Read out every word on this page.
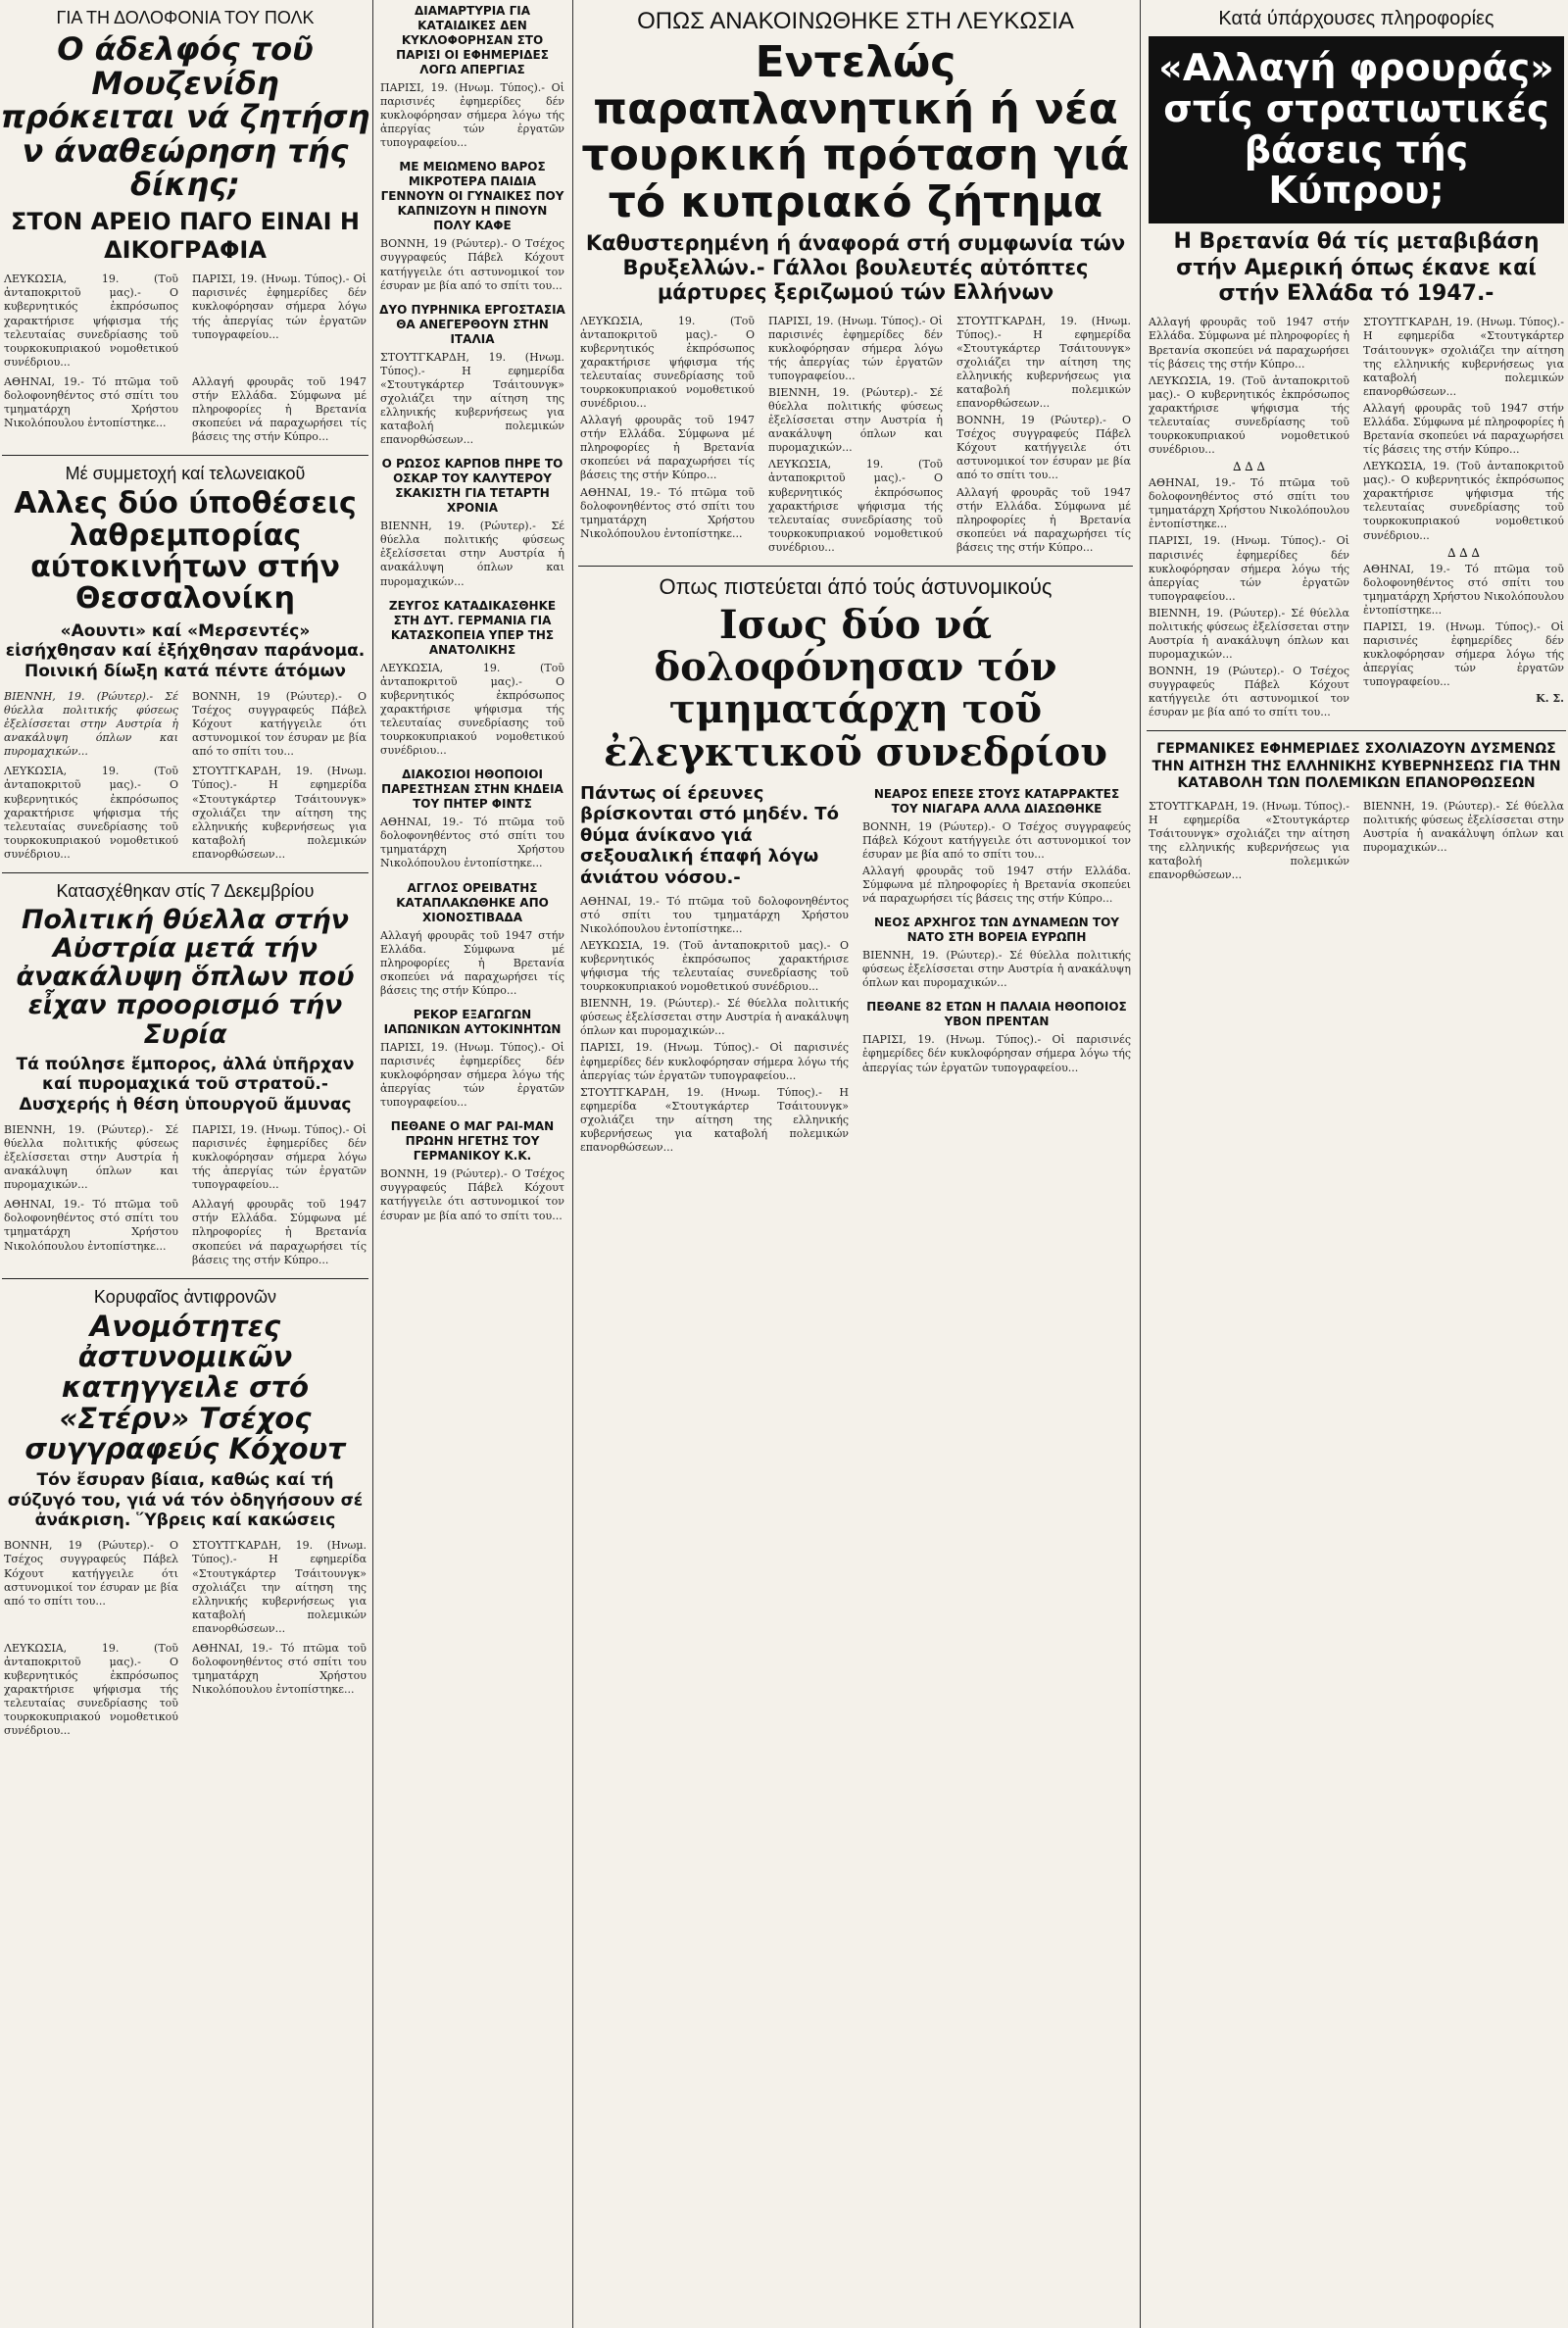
ΓΙΑ ΤΗ ΔΟΛΟΦΟΝΙΑ ΤΟΥ ΠΟΛΚ
Ο άδελφός τοῦ Μουζενίδη πρόκειται νά ζητήση ν άναθεώρηση τής δίκης;
ΣΤΟΝ ΑΡΕΙΟ ΠΑΓΟ ΕΙΝΑΙ Η ΔΙΚΟΓΡΑΦΙΑ
ΛΕΥΚΩΣΙΑ, 19. (Τοῦ ἀνταποκριτοῦ μας).- Ο κυβερνητικός ἐκπρόσωπος χαρακτήρισε ψήφισμα τής τελευταίας συνεδρίασης τοῦ τουρκοκυπριακού νομοθετικού συνέδριου...
ΠΑΡΙΣΙ, 19. (Ηνωμ. Τύπος).- Οἱ παρισινές ἐφημερίδες δέν κυκλοφόρησαν σήμερα λόγω τής ἀπεργίας τών ἐργατῶν τυπογραφείου...
ΑΘΗΝΑΙ, 19.- Τό πτῶμα τοῦ δολοφονηθέντος στό σπίτι του τμηματάρχη Χρήστου Νικολόπουλου ἐντοπίστηκε...
Αλλαγή φρουρᾶς τοῦ 1947 στήν Ελλάδα. Σύμφωνα μέ πληροφορίες ἡ Βρετανία σκοπεύει νά παραχωρήσει τίς βάσεις της στήν Κύπρο...
Μέ συμμετοχή καί τελωνειακοῦ
Αλλες δύο ύποθέσεις λαθρεμπορίας αύτοκινήτων στήν Θεσσαλονίκη
«Αουντι» καί «Μερσεντές» εἰσήχθησαν καί ἐξήχθησαν παράνομα. Ποινική δίωξη κατά πέντε άτόμων
ΒΙΕΝΝΗ, 19. (Ρώυτερ).- Σέ θύελλα πολιτικής φύσεως ἐξελίσσεται στην Αυστρία ἡ ανακάλυψη όπλων και πυρομαχικών...
ΒΟΝΝΗ, 19 (Ρώυτερ).- Ο Τσέχος συγγραφεύς Πάβελ Κόχουτ κατήγγειλε ότι αστυνομικοί τον έσυραν με βία από το σπίτι του...
ΛΕΥΚΩΣΙΑ, 19. (Τοῦ ἀνταποκριτοῦ μας).- Ο κυβερνητικός ἐκπρόσωπος χαρακτήρισε ψήφισμα τής τελευταίας συνεδρίασης τοῦ τουρκοκυπριακού νομοθετικού συνέδριου...
ΣΤΟΥΤΓΚΑΡΔΗ, 19. (Ηνωμ. Τύπος).- Η εφημερίδα «Στουτγκάρτερ Τσάιτουνγκ» σχολιάζει την αίτηση της ελληνικής κυβερνήσεως για καταβολή πολεμικών επανορθώσεων...
Κατασχέθηκαν στίς 7 Δεκεμβρίου
Πολιτική θύελλα στήν Αὐστρία μετά τήν ἀνακάλυψη ὅπλων πού εἶχαν προορισμό τήν Συρία
Τά πούλησε ἔμπορος, ἀλλά ὑπῆρχαν καί πυρομαχικά τοῦ στρατοῦ.- Δυσχερής ἡ θέση ὑπουργοῦ ἄμυνας
ΒΙΕΝΝΗ, 19. (Ρώυτερ).- Σέ θύελλα πολιτικής φύσεως ἐξελίσσεται στην Αυστρία ἡ ανακάλυψη όπλων και πυρομαχικών...
ΠΑΡΙΣΙ, 19. (Ηνωμ. Τύπος).- Οἱ παρισινές ἐφημερίδες δέν κυκλοφόρησαν σήμερα λόγω τής ἀπεργίας τών ἐργατῶν τυπογραφείου...
ΑΘΗΝΑΙ, 19.- Τό πτῶμα τοῦ δολοφονηθέντος στό σπίτι του τμηματάρχη Χρήστου Νικολόπουλου ἐντοπίστηκε...
Αλλαγή φρουρᾶς τοῦ 1947 στήν Ελλάδα. Σύμφωνα μέ πληροφορίες ἡ Βρετανία σκοπεύει νά παραχωρήσει τίς βάσεις της στήν Κύπρο...
Κορυφαῖος ἀντιφρονῶν
Ανομότητες ἀστυνομικῶν κατηγγειλε στό «Στέρν» Τσέχος συγγραφεύς Κόχουτ
Τόν ἔσυραν βίαια, καθώς καί τή σύζυγό του, γιά νά τόν ὁδηγήσουν σέ ἀνάκριση. Ὕβρεις καί κακώσεις
ΒΟΝΝΗ, 19 (Ρώυτερ).- Ο Τσέχος συγγραφεύς Πάβελ Κόχουτ κατήγγειλε ότι αστυνομικοί τον έσυραν με βία από το σπίτι του...
ΣΤΟΥΤΓΚΑΡΔΗ, 19. (Ηνωμ. Τύπος).- Η εφημερίδα «Στουτγκάρτερ Τσάιτουνγκ» σχολιάζει την αίτηση της ελληνικής κυβερνήσεως για καταβολή πολεμικών επανορθώσεων...
ΛΕΥΚΩΣΙΑ, 19. (Τοῦ ἀνταποκριτοῦ μας).- Ο κυβερνητικός ἐκπρόσωπος χαρακτήρισε ψήφισμα τής τελευταίας συνεδρίασης τοῦ τουρκοκυπριακού νομοθετικού συνέδριου...
ΑΘΗΝΑΙ, 19.- Τό πτῶμα τοῦ δολοφονηθέντος στό σπίτι του τμηματάρχη Χρήστου Νικολόπουλου ἐντοπίστηκε...
ΔΙΑΜΑΡΤΥΡΙΑ ΓΙΑ ΚΑΤΑΙΔΙΚΕΣ ΔΕΝ ΚΥΚΛΟΦΟΡΗΣΑΝ ΣΤΟ ΠΑΡΙΣΙ ΟΙ ΕΦΗΜΕΡΙΔΕΣ ΛΟΓΩ ΑΠΕΡΓΙΑΣ
ΠΑΡΙΣΙ, 19. (Ηνωμ. Τύπος).- Οἱ παρισινές ἐφημερίδες δέν κυκλοφόρησαν σήμερα λόγω τής ἀπεργίας τών ἐργατῶν τυπογραφείου...
ΜΕ ΜΕΙΩΜΕΝΟ ΒΑΡΟΣ ΜΙΚΡΟΤΕΡΑ ΠΑΙΔΙΑ ΓΕΝΝΟΥΝ ΟΙ ΓΥΝΑΙΚΕΣ ΠΟΥ ΚΑΠΝΙΖΟΥΝ Η ΠΙΝΟΥΝ ΠΟΛΥ ΚΑΦΕ
ΒΟΝΝΗ, 19 (Ρώυτερ).- Ο Τσέχος συγγραφεύς Πάβελ Κόχουτ κατήγγειλε ότι αστυνομικοί τον έσυραν με βία από το σπίτι του...
ΔΥΟ ΠΥΡΗΝΙΚΑ ΕΡΓΟΣΤΑΣΙΑ ΘΑ ΑΝΕΓΕΡΘΟΥΝ ΣΤΗΝ ΙΤΑΛΙΑ
ΣΤΟΥΤΓΚΑΡΔΗ, 19. (Ηνωμ. Τύπος).- Η εφημερίδα «Στουτγκάρτερ Τσάιτουνγκ» σχολιάζει την αίτηση της ελληνικής κυβερνήσεως για καταβολή πολεμικών επανορθώσεων...
Ο ΡΩΣΟΣ ΚΑΡΠΟΒ ΠΗΡΕ ΤΟ ΟΣΚΑΡ ΤΟΥ ΚΑΛΥΤΕΡΟΥ ΣΚΑΚΙΣΤΗ ΓΙΑ ΤΕΤΑΡΤΗ ΧΡΟΝΙΑ
ΒΙΕΝΝΗ, 19. (Ρώυτερ).- Σέ θύελλα πολιτικής φύσεως ἐξελίσσεται στην Αυστρία ἡ ανακάλυψη όπλων και πυρομαχικών...
ΖΕΥΓΟΣ ΚΑΤΑΔΙΚΑΣΘΗΚΕ ΣΤΗ ΔΥΤ. ΓΕΡΜΑΝΙΑ ΓΙΑ ΚΑΤΑΣΚΟΠΕΙΑ ΥΠΕΡ ΤΗΣ ΑΝΑΤΟΛΙΚΗΣ
ΛΕΥΚΩΣΙΑ, 19. (Τοῦ ἀνταποκριτοῦ μας).- Ο κυβερνητικός ἐκπρόσωπος χαρακτήρισε ψήφισμα τής τελευταίας συνεδρίασης τοῦ τουρκοκυπριακού νομοθετικού συνέδριου...
ΔΙΑΚΟΣΙΟΙ ΗΘΟΠΟΙΟΙ ΠΑΡΕΣΤΗΣΑΝ ΣΤΗΝ ΚΗΔΕΙΑ ΤΟΥ ΠΗΤΕΡ ΦΙΝΤΣ
ΑΘΗΝΑΙ, 19.- Τό πτῶμα τοῦ δολοφονηθέντος στό σπίτι του τμηματάρχη Χρήστου Νικολόπουλου ἐντοπίστηκε...
ΑΓΓΛΟΣ ΟΡΕΙΒΑΤΗΣ ΚΑΤΑΠΛΑΚΩΘΗΚΕ ΑΠΟ ΧΙΟΝΟΣΤΙΒΑΔΑ
Αλλαγή φρουρᾶς τοῦ 1947 στήν Ελλάδα. Σύμφωνα μέ πληροφορίες ἡ Βρετανία σκοπεύει νά παραχωρήσει τίς βάσεις της στήν Κύπρο...
ΡΕΚΟΡ ΕΞΑΓΩΓΩΝ ΙΑΠΩΝΙΚΩΝ ΑΥΤΟΚΙΝΗΤΩΝ
ΠΑΡΙΣΙ, 19. (Ηνωμ. Τύπος).- Οἱ παρισινές ἐφημερίδες δέν κυκλοφόρησαν σήμερα λόγω τής ἀπεργίας τών ἐργατῶν τυπογραφείου...
ΠΕΘΑΝΕ Ο ΜΑΓ ΡΑΙ-ΜΑΝ ΠΡΩΗΝ ΗΓΕΤΗΣ ΤΟΥ ΓΕΡΜΑΝΙΚΟΥ Κ.Κ.
ΒΟΝΝΗ, 19 (Ρώυτερ).- Ο Τσέχος συγγραφεύς Πάβελ Κόχουτ κατήγγειλε ότι αστυνομικοί τον έσυραν με βία από το σπίτι του...
ΟΠΩΣ ΑΝΑΚΟΙΝΩΘΗΚΕ ΣΤΗ ΛΕΥΚΩΣΙΑ
Εντελώς παραπλανητική ή νέα τουρκική πρόταση γιά τό κυπριακό ζήτημα
Καθυστερημένη ή άναφορά στή συμφωνία τών Βρυξελλών.- Γάλλοι βουλευτές αὐτόπτες μάρτυρες ξεριζωμού τών Ελλήνων
ΛΕΥΚΩΣΙΑ, 19. (Τοῦ ἀνταποκριτοῦ μας).- Ο κυβερνητικός ἐκπρόσωπος χαρακτήρισε ψήφισμα τής τελευταίας συνεδρίασης τοῦ τουρκοκυπριακού νομοθετικού συνέδριου...
Αλλαγή φρουρᾶς τοῦ 1947 στήν Ελλάδα. Σύμφωνα μέ πληροφορίες ἡ Βρετανία σκοπεύει νά παραχωρήσει τίς βάσεις της στήν Κύπρο...
ΑΘΗΝΑΙ, 19.- Τό πτῶμα τοῦ δολοφονηθέντος στό σπίτι του τμηματάρχη Χρήστου Νικολόπουλου ἐντοπίστηκε...
ΠΑΡΙΣΙ, 19. (Ηνωμ. Τύπος).- Οἱ παρισινές ἐφημερίδες δέν κυκλοφόρησαν σήμερα λόγω τής ἀπεργίας τών ἐργατῶν τυπογραφείου...
ΒΙΕΝΝΗ, 19. (Ρώυτερ).- Σέ θύελλα πολιτικής φύσεως ἐξελίσσεται στην Αυστρία ἡ ανακάλυψη όπλων και πυρομαχικών...
ΛΕΥΚΩΣΙΑ, 19. (Τοῦ ἀνταποκριτοῦ μας).- Ο κυβερνητικός ἐκπρόσωπος χαρακτήρισε ψήφισμα τής τελευταίας συνεδρίασης τοῦ τουρκοκυπριακού νομοθετικού συνέδριου...
ΣΤΟΥΤΓΚΑΡΔΗ, 19. (Ηνωμ. Τύπος).- Η εφημερίδα «Στουτγκάρτερ Τσάιτουνγκ» σχολιάζει την αίτηση της ελληνικής κυβερνήσεως για καταβολή πολεμικών επανορθώσεων...
ΒΟΝΝΗ, 19 (Ρώυτερ).- Ο Τσέχος συγγραφεύς Πάβελ Κόχουτ κατήγγειλε ότι αστυνομικοί τον έσυραν με βία από το σπίτι του...
Αλλαγή φρουρᾶς τοῦ 1947 στήν Ελλάδα. Σύμφωνα μέ πληροφορίες ἡ Βρετανία σκοπεύει νά παραχωρήσει τίς βάσεις της στήν Κύπρο...
Οπως πιστεύεται άπό τούς άστυνομικούς
Ισως δύο νά δολοφόνησαν τόν τμηματάρχη τοῦ ἐλεγκτικοῦ συνεδρίου
Πάντως οί έρευνες βρίσκονται στό μηδέν. Τό θύμα άνίκανο γιά σεξουαλική έπαφή λόγω άνιάτου νόσου.-
ΑΘΗΝΑΙ, 19.- Τό πτῶμα τοῦ δολοφονηθέντος στό σπίτι του τμηματάρχη Χρήστου Νικολόπουλου ἐντοπίστηκε...
ΛΕΥΚΩΣΙΑ, 19. (Τοῦ ἀνταποκριτοῦ μας).- Ο κυβερνητικός ἐκπρόσωπος χαρακτήρισε ψήφισμα τής τελευταίας συνεδρίασης τοῦ τουρκοκυπριακού νομοθετικού συνέδριου...
ΒΙΕΝΝΗ, 19. (Ρώυτερ).- Σέ θύελλα πολιτικής φύσεως ἐξελίσσεται στην Αυστρία ἡ ανακάλυψη όπλων και πυρομαχικών...
ΠΑΡΙΣΙ, 19. (Ηνωμ. Τύπος).- Οἱ παρισινές ἐφημερίδες δέν κυκλοφόρησαν σήμερα λόγω τής ἀπεργίας τών ἐργατῶν τυπογραφείου...
ΣΤΟΥΤΓΚΑΡΔΗ, 19. (Ηνωμ. Τύπος).- Η εφημερίδα «Στουτγκάρτερ Τσάιτουνγκ» σχολιάζει την αίτηση της ελληνικής κυβερνήσεως για καταβολή πολεμικών επανορθώσεων...
ΝΕΑΡΟΣ ΕΠΕΣΕ ΣΤΟΥΣ ΚΑΤΑΡΡΑΚΤΕΣ ΤΟΥ ΝΙΑΓΑΡΑ ΑΛΛΑ ΔΙΑΣΩΘΗΚΕ
ΒΟΝΝΗ, 19 (Ρώυτερ).- Ο Τσέχος συγγραφεύς Πάβελ Κόχουτ κατήγγειλε ότι αστυνομικοί τον έσυραν με βία από το σπίτι του...
Αλλαγή φρουρᾶς τοῦ 1947 στήν Ελλάδα. Σύμφωνα μέ πληροφορίες ἡ Βρετανία σκοπεύει νά παραχωρήσει τίς βάσεις της στήν Κύπρο...
ΝΕΟΣ ΑΡΧΗΓΟΣ ΤΩΝ ΔΥΝΑΜΕΩΝ ΤΟΥ ΝΑΤΟ ΣΤΗ ΒΟΡΕΙΑ ΕΥΡΩΠΗ
ΒΙΕΝΝΗ, 19. (Ρώυτερ).- Σέ θύελλα πολιτικής φύσεως ἐξελίσσεται στην Αυστρία ἡ ανακάλυψη όπλων και πυρομαχικών...
ΠΕΘΑΝΕ 82 ΕΤΩΝ Η ΠΑΛΑΙΑ ΗΘΟΠΟΙΟΣ ΥΒΟΝ ΠΡΕΝΤΑΝ
ΠΑΡΙΣΙ, 19. (Ηνωμ. Τύπος).- Οἱ παρισινές ἐφημερίδες δέν κυκλοφόρησαν σήμερα λόγω τής ἀπεργίας τών ἐργατῶν τυπογραφείου...
Κατά ύπάρχουσες πληροφορίες
«Αλλαγή φρουράς» στίς στρατιωτικές βάσεις τής Κύπρου;
Η Βρετανία θά τίς μεταβιβάση στήν Αμερική όπως έκανε καί στήν Ελλάδα τό 1947.-
Αλλαγή φρουρᾶς τοῦ 1947 στήν Ελλάδα. Σύμφωνα μέ πληροφορίες ἡ Βρετανία σκοπεύει νά παραχωρήσει τίς βάσεις της στήν Κύπρο...
ΛΕΥΚΩΣΙΑ, 19. (Τοῦ ἀνταποκριτοῦ μας).- Ο κυβερνητικός ἐκπρόσωπος χαρακτήρισε ψήφισμα τής τελευταίας συνεδρίασης τοῦ τουρκοκυπριακού νομοθετικού συνέδριου...
∆ ∆ ∆
ΑΘΗΝΑΙ, 19.- Τό πτῶμα τοῦ δολοφονηθέντος στό σπίτι του τμηματάρχη Χρήστου Νικολόπουλου ἐντοπίστηκε...
ΠΑΡΙΣΙ, 19. (Ηνωμ. Τύπος).- Οἱ παρισινές ἐφημερίδες δέν κυκλοφόρησαν σήμερα λόγω τής ἀπεργίας τών ἐργατῶν τυπογραφείου...
ΒΙΕΝΝΗ, 19. (Ρώυτερ).- Σέ θύελλα πολιτικής φύσεως ἐξελίσσεται στην Αυστρία ἡ ανακάλυψη όπλων και πυρομαχικών...
ΒΟΝΝΗ, 19 (Ρώυτερ).- Ο Τσέχος συγγραφεύς Πάβελ Κόχουτ κατήγγειλε ότι αστυνομικοί τον έσυραν με βία από το σπίτι του...
ΣΤΟΥΤΓΚΑΡΔΗ, 19. (Ηνωμ. Τύπος).- Η εφημερίδα «Στουτγκάρτερ Τσάιτουνγκ» σχολιάζει την αίτηση της ελληνικής κυβερνήσεως για καταβολή πολεμικών επανορθώσεων...
Αλλαγή φρουρᾶς τοῦ 1947 στήν Ελλάδα. Σύμφωνα μέ πληροφορίες ἡ Βρετανία σκοπεύει νά παραχωρήσει τίς βάσεις της στήν Κύπρο...
ΛΕΥΚΩΣΙΑ, 19. (Τοῦ ἀνταποκριτοῦ μας).- Ο κυβερνητικός ἐκπρόσωπος χαρακτήρισε ψήφισμα τής τελευταίας συνεδρίασης τοῦ τουρκοκυπριακού νομοθετικού συνέδριου...
∆ ∆ ∆
ΑΘΗΝΑΙ, 19.- Τό πτῶμα τοῦ δολοφονηθέντος στό σπίτι του τμηματάρχη Χρήστου Νικολόπουλου ἐντοπίστηκε...
ΠΑΡΙΣΙ, 19. (Ηνωμ. Τύπος).- Οἱ παρισινές ἐφημερίδες δέν κυκλοφόρησαν σήμερα λόγω τής ἀπεργίας τών ἐργατῶν τυπογραφείου...
Κ. Σ.
ΓΕΡΜΑΝΙΚΕΣ ΕΦΗΜΕΡΙΔΕΣ ΣΧΟΛΙΑΖΟΥΝ ΔΥΣΜΕΝΩΣ ΤΗΝ ΑΙΤΗΣΗ ΤΗΣ ΕΛΛΗΝΙΚΗΣ ΚΥΒΕΡΝΗΣΕΩΣ ΓΙΑ ΤΗΝ ΚΑΤΑΒΟΛΗ ΤΩΝ ΠΟΛΕΜΙΚΩΝ ΕΠΑΝΟΡΘΩΣΕΩΝ
ΣΤΟΥΤΓΚΑΡΔΗ, 19. (Ηνωμ. Τύπος).- Η εφημερίδα «Στουτγκάρτερ Τσάιτουνγκ» σχολιάζει την αίτηση της ελληνικής κυβερνήσεως για καταβολή πολεμικών επανορθώσεων...
ΒΙΕΝΝΗ, 19. (Ρώυτερ).- Σέ θύελλα πολιτικής φύσεως ἐξελίσσεται στην Αυστρία ἡ ανακάλυψη όπλων και πυρομαχικών...
